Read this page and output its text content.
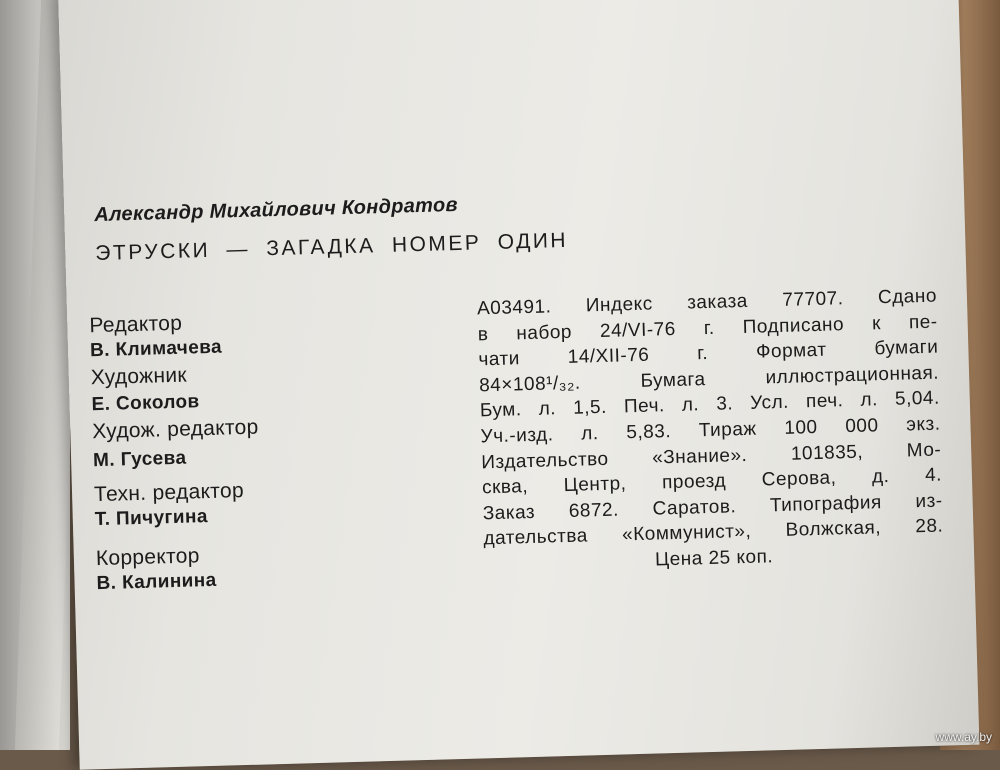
Александр Михайлович Кондратов
ЭТРУСКИ — ЗАГАДКА НОМЕР ОДИН
Редактор
В. Климачева
Художник
Е. Соколов
Худож. редактор
М. Гусева
Техн. редактор
Т. Пичугина
Корректор
В. Калинина
А03491. Индекс заказа 77707. Сдано
в набор 24/VI-76 г. Подписано к пе-
чати 14/XII-76 г. Формат бумаги
84×108¹/₃₂. Бумага иллюстрационная.
Бум. л. 1,5. Печ. л. 3. Усл. печ. л. 5,04.
Уч.-изд. л. 5,83. Тираж 100 000 экз.
Издательство «Знание». 101835, Мо-
сква, Центр, проезд Серова, д. 4.
Заказ 6872. Саратов. Типография из-
дательства «Коммунист», Волжская, 28.
Цена 25 коп.
www.ay.by
